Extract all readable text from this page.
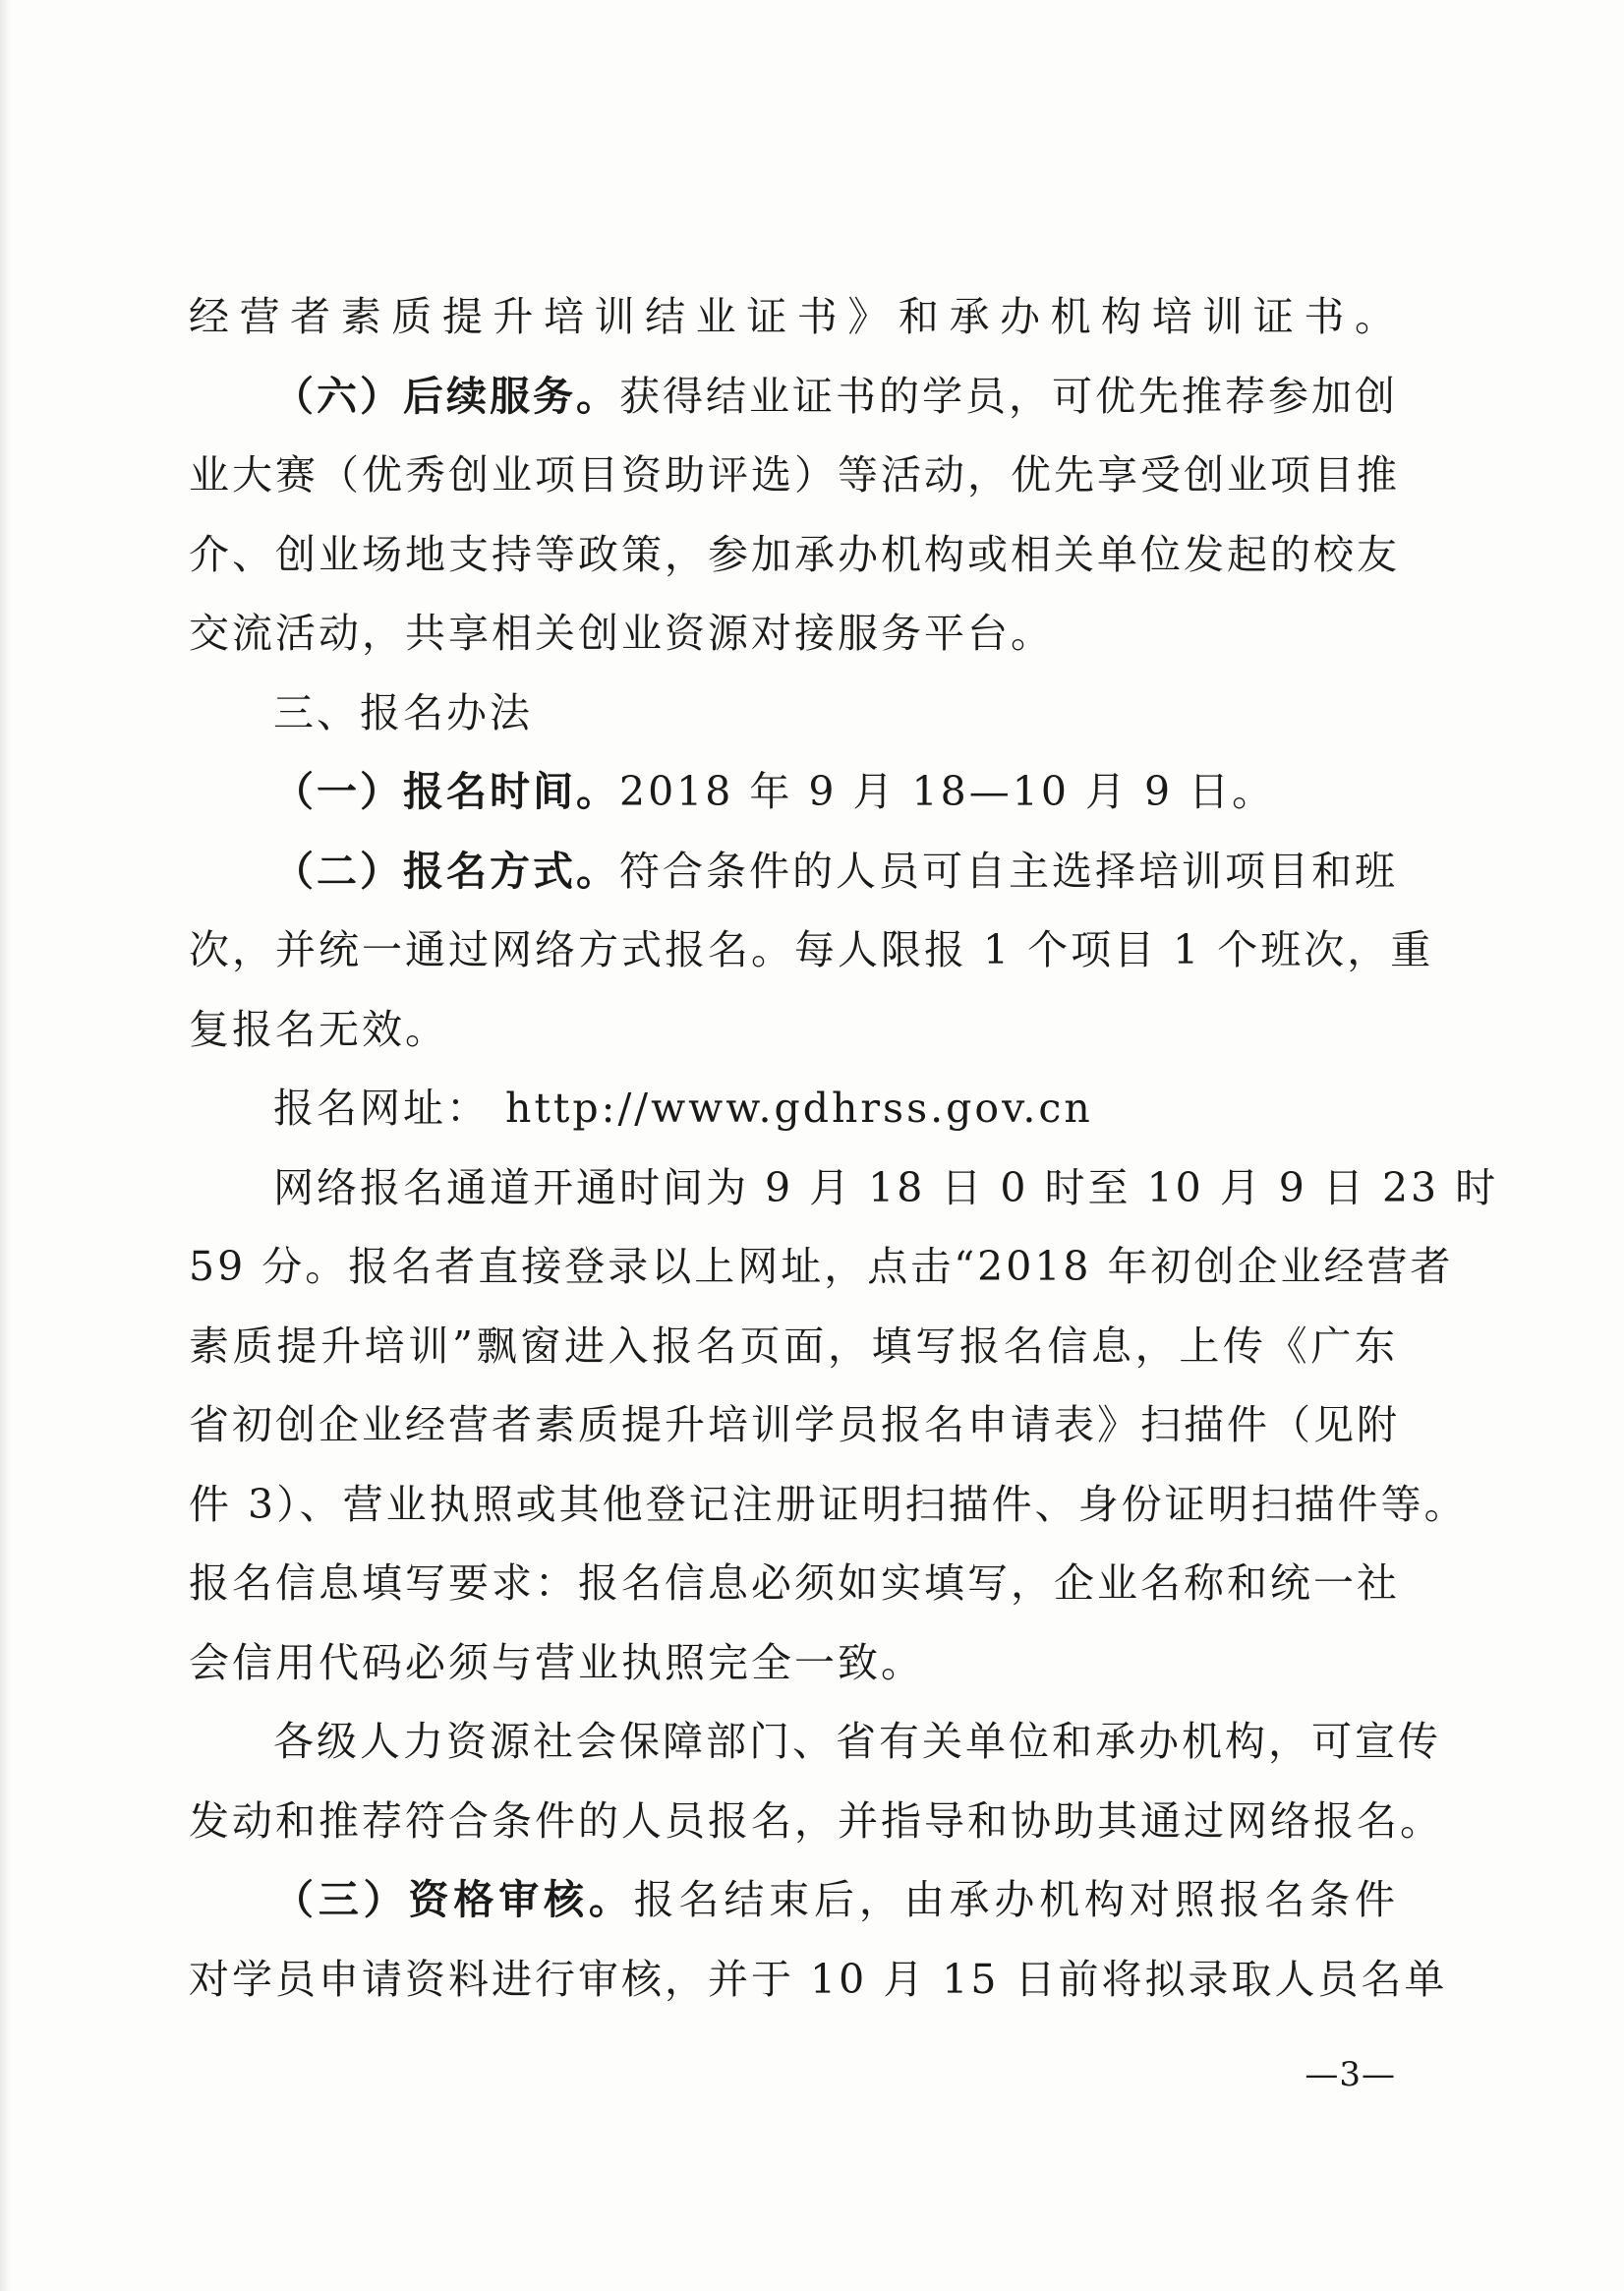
经营者素质提升培训结业证书》和承办机构培训证书。
（六）后续服务。获得结业证书的学员，可优先推荐参加创
业大赛（优秀创业项目资助评选）等活动，优先享受创业项目推
介、创业场地支持等政策，参加承办机构或相关单位发起的校友
交流活动，共享相关创业资源对接服务平台。
三、报名办法
（一）报名时间。2018 年 9 月 18—10 月 9 日。
（二）报名方式。符合条件的人员可自主选择培训项目和班
次，并统一通过网络方式报名。每人限报 1 个项目 1 个班次，重
复报名无效。
报名网址： http://www.gdhrss.gov.cn
网络报名通道开通时间为 9 月 18 日 0 时至 10 月 9 日 23 时
59 分。报名者直接登录以上网址，点击“2018 年初创企业经营者
素质提升培训”飘窗进入报名页面，填写报名信息，上传《广东
省初创企业经营者素质提升培训学员报名申请表》扫描件（见附
件 3）、营业执照或其他登记注册证明扫描件、身份证明扫描件等。
报名信息填写要求：报名信息必须如实填写，企业名称和统一社
会信用代码必须与营业执照完全一致。
各级人力资源社会保障部门、省有关单位和承办机构，可宣传
发动和推荐符合条件的人员报名，并指导和协助其通过网络报名。
（三）资格审核。报名结束后，由承办机构对照报名条件
对学员申请资料进行审核，并于 10 月 15 日前将拟录取人员名单
—3—
